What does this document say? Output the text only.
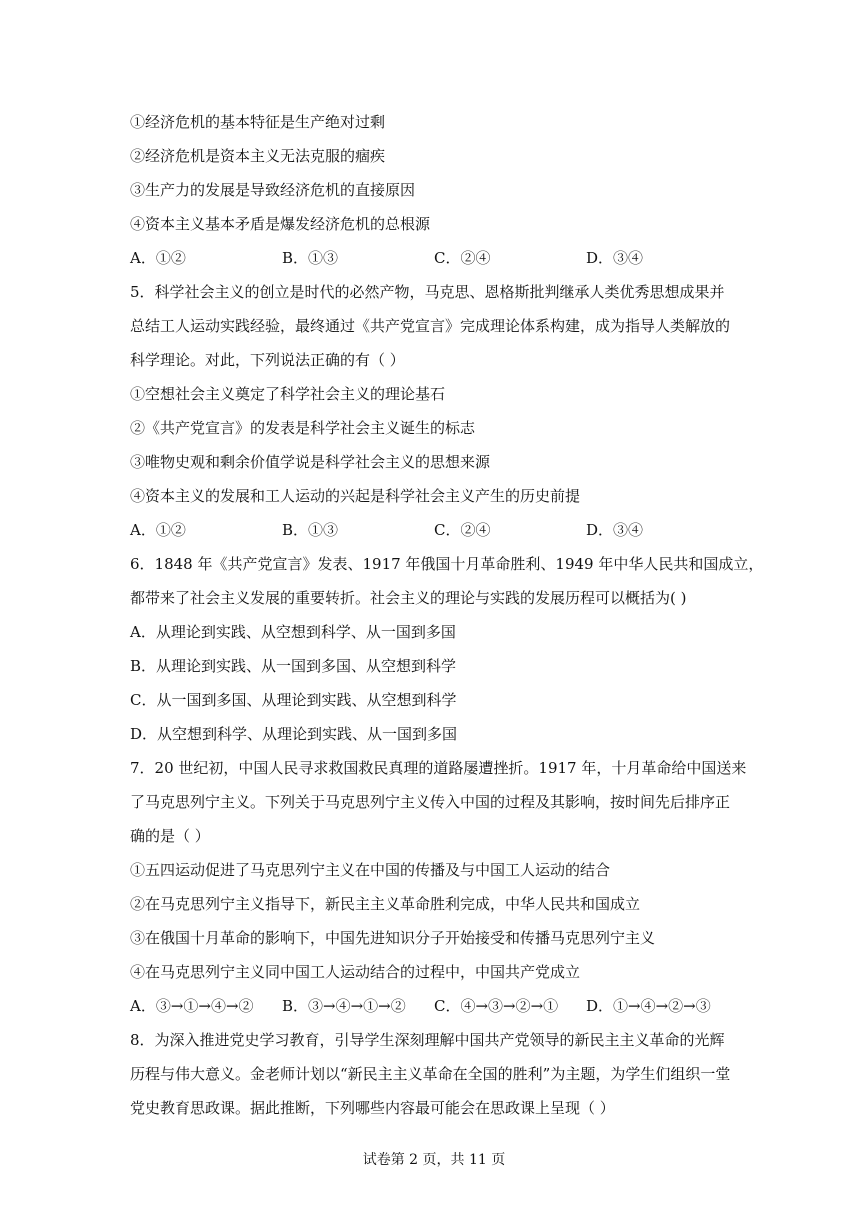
①经济危机的基本特征是生产绝对过剩
②经济危机是资本主义无法克服的痼疾
③生产力的发展是导致经济危机的直接原因
④资本主义基本矛盾是爆发经济危机的总根源
A．①②	B．①③	C．②④	D．③④
5．科学社会主义的创立是时代的必然产物，马克思、恩格斯批判继承人类优秀思想成果并
总结工人运动实践经验，最终通过《共产党宣言》完成理论体系构建，成为指导人类解放的
科学理论。对此，下列说法正确的有（ ）
①空想社会主义奠定了科学社会主义的理论基石
②《共产党宣言》的发表是科学社会主义诞生的标志
③唯物史观和剩余价值学说是科学社会主义的思想来源
④资本主义的发展和工人运动的兴起是科学社会主义产生的历史前提
A．①②	B．①③	C．②④	D．③④
6．1848 年《共产党宣言》发表、1917 年俄国十月革命胜利、1949 年中华人民共和国成立，
都带来了社会主义发展的重要转折。社会主义的理论与实践的发展历程可以概括为( )
A．从理论到实践、从空想到科学、从一国到多国
B．从理论到实践、从一国到多国、从空想到科学
C．从一国到多国、从理论到实践、从空想到科学
D．从空想到科学、从理论到实践、从一国到多国
7．20 世纪初，中国人民寻求救国救民真理的道路屡遭挫折。1917 年，十月革命给中国送来
了马克思列宁主义。下列关于马克思列宁主义传入中国的过程及其影响，按时间先后排序正
确的是（ ）
①五四运动促进了马克思列宁主义在中国的传播及与中国工人运动的结合
②在马克思列宁主义指导下，新民主主义革命胜利完成，中华人民共和国成立
③在俄国十月革命的影响下，中国先进知识分子开始接受和传播马克思列宁主义
④在马克思列宁主义同中国工人运动结合的过程中，中国共产党成立
A．③→①→④→② B．③→④→①→② C．④→③→②→① D．①→④→②→③
8．为深入推进党史学习教育，引导学生深刻理解中国共产党领导的新民主主义革命的光辉
历程与伟大意义。金老师计划以“新民主主义革命在全国的胜利”为主题，为学生们组织一堂
党史教育思政课。据此推断，下列哪些内容最可能会在思政课上呈现（ ）
试卷第 2 页，共 11 页
